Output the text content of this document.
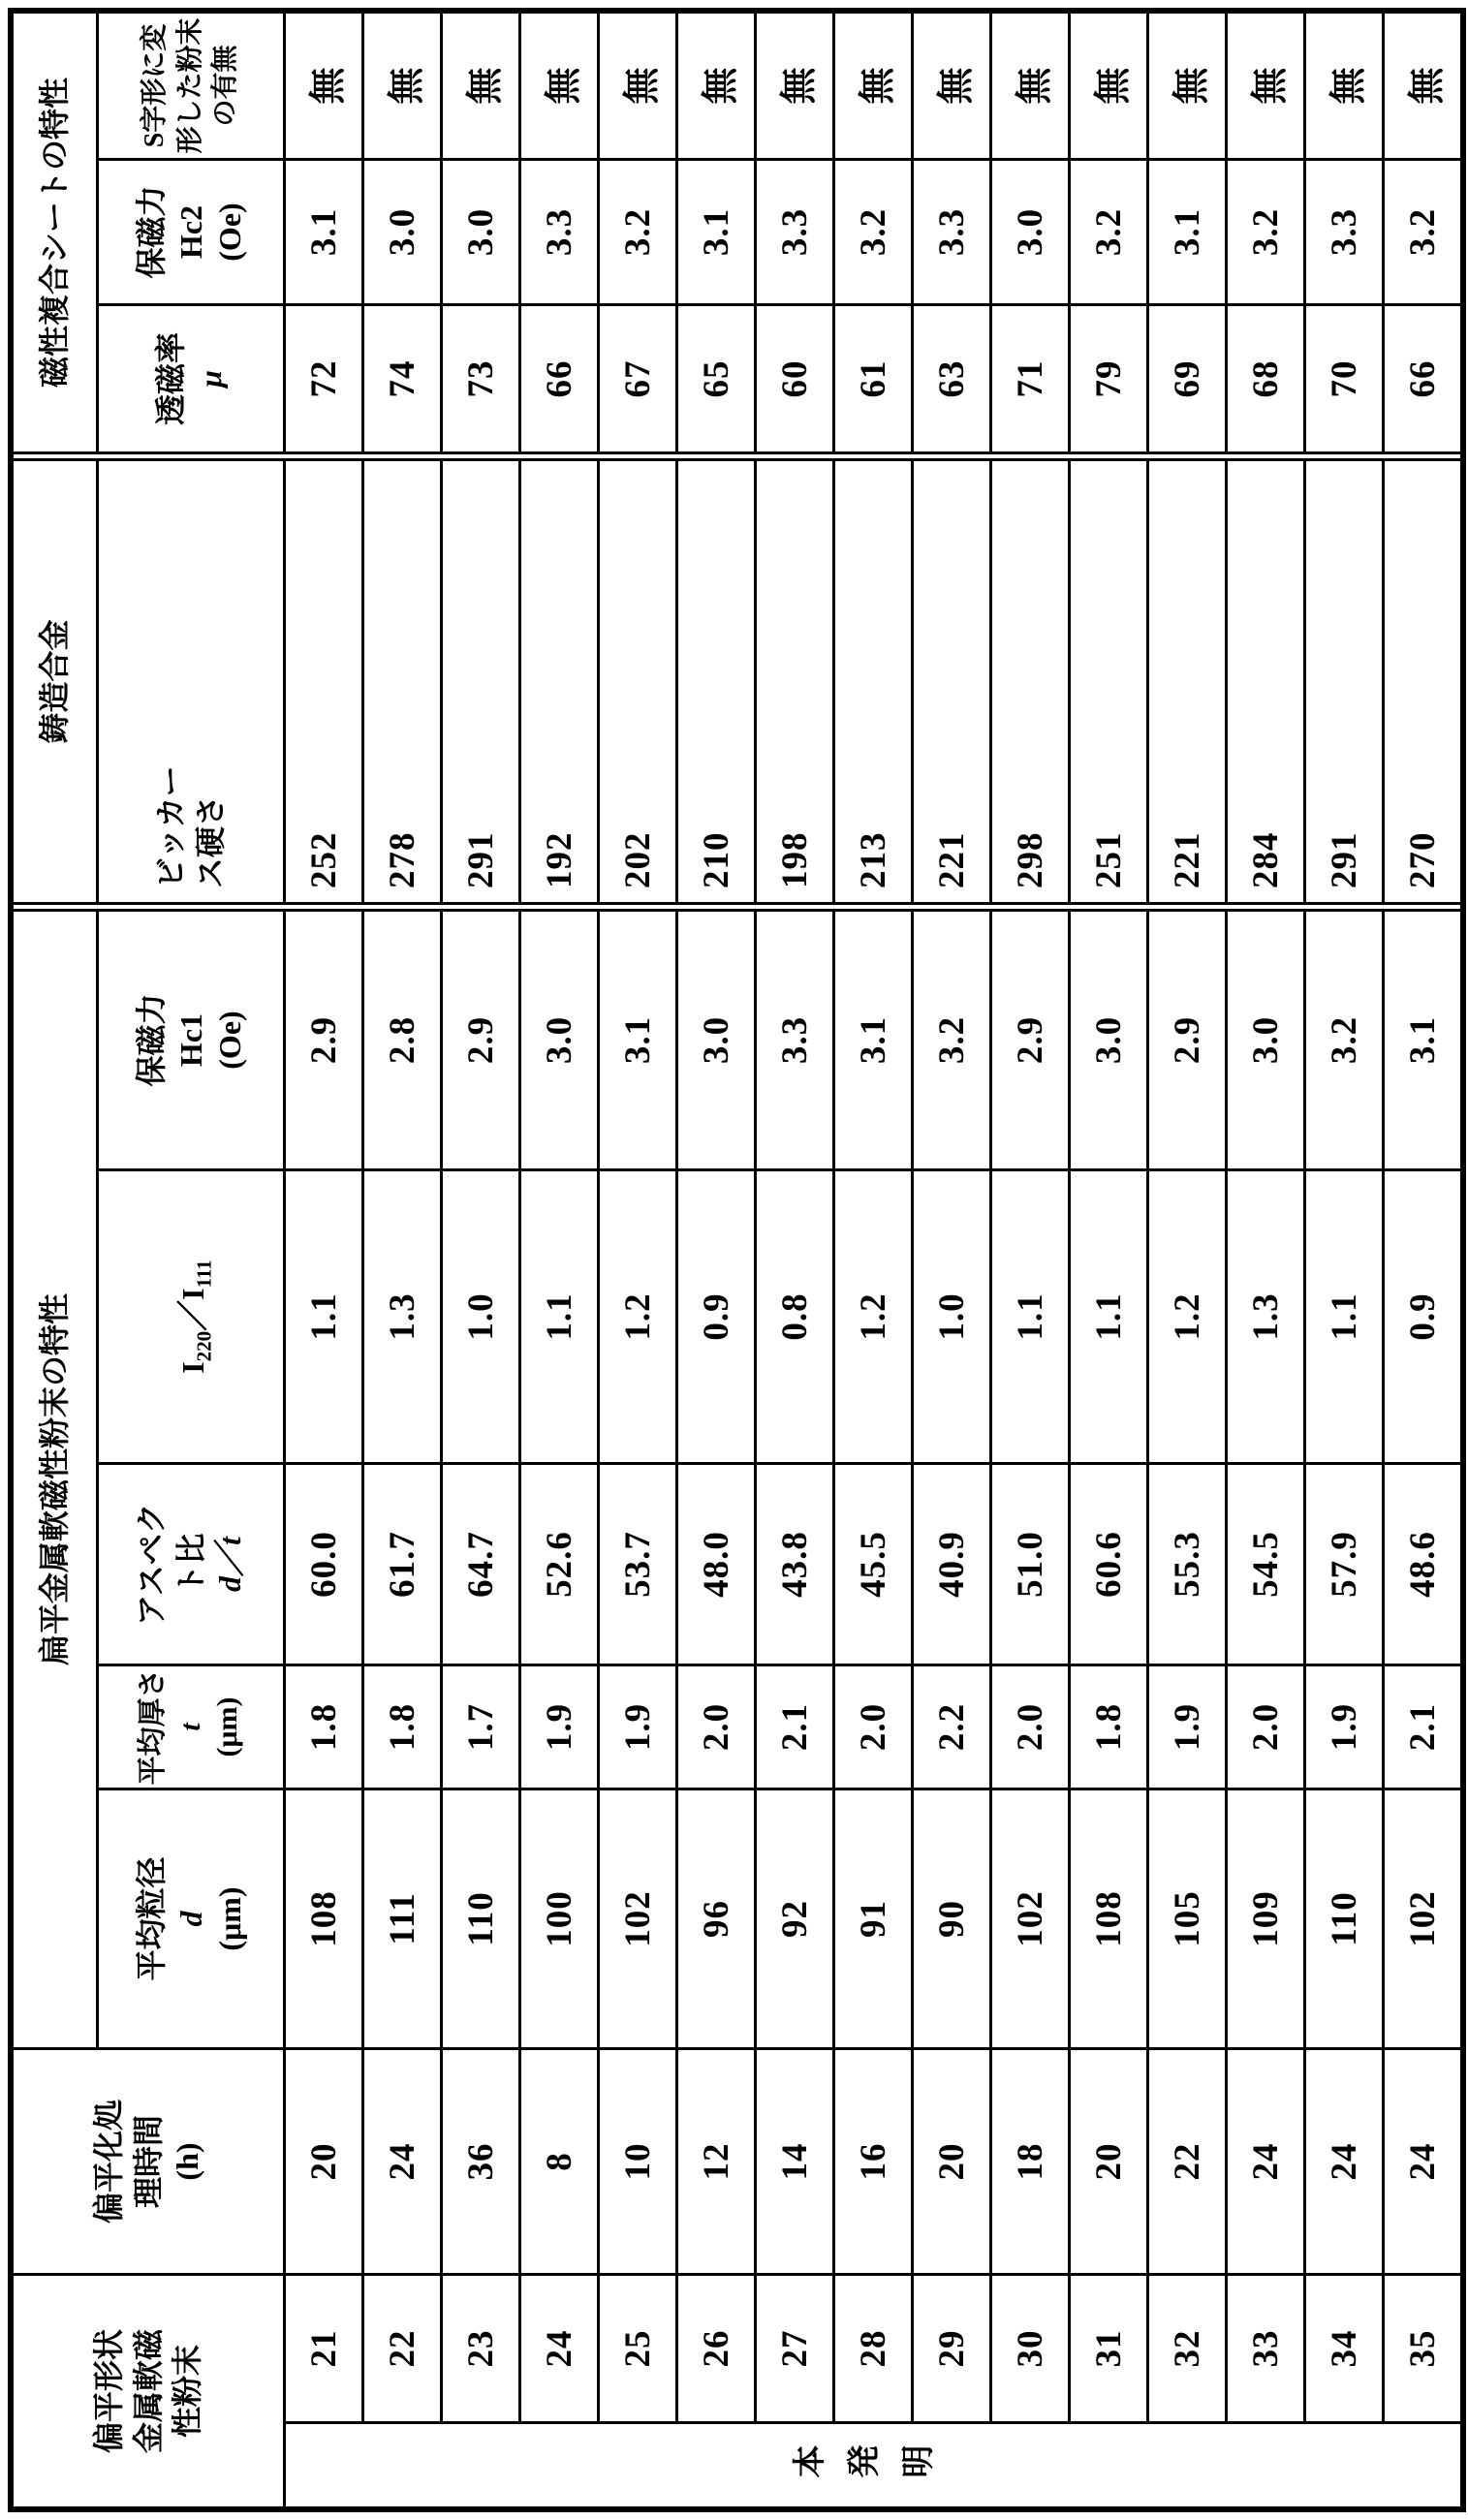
偏平形状 金属軟磁 性粉末
偏平化処 理時間 (h)
扁平金属軟磁性粉末の特性
鋳造合金
磁性複合シートの特性
平均粒径 d (μm)
平均厚さ t (μm)
アスペク ト比 d／t
$I_{220}/I_{111}$
保磁力 Hc1 (Oe)
ビッカー ス硬さ
透磁率 μ
保磁力 Hc2 (Oe)
S字形に変 形した粉末 の有無
本発明
21
20
108
1.8
60.0
1.1
2.9
252
72
3.1
無
22
24
111
1.8
61.7
1.3
2.8
278
74
3.0
無
23
36
110
1.7
64.7
1.0
2.9
291
73
3.0
無
24
8
100
1.9
52.6
1.1
3.0
192
66
3.3
無
25
10
102
1.9
53.7
1.2
3.1
202
67
3.2
無
26
12
96
2.0
48.0
0.9
3.0
210
65
3.1
無
27
14
92
2.1
43.8
0.8
3.3
198
60
3.3
無
28
16
91
2.0
45.5
1.2
3.1
213
61
3.2
無
29
20
90
2.2
40.9
1.0
3.2
221
63
3.3
無
30
18
102
2.0
51.0
1.1
2.9
298
71
3.0
無
31
20
108
1.8
60.6
1.1
3.0
251
79
3.2
無
32
22
105
1.9
55.3
1.2
2.9
221
69
3.1
無
33
24
109
2.0
54.5
1.3
3.0
284
68
3.2
無
34
24
110
1.9
57.9
1.1
3.2
291
70
3.3
無
35
24
102
2.1
48.6
0.9
3.1
270
66
3.2
無
